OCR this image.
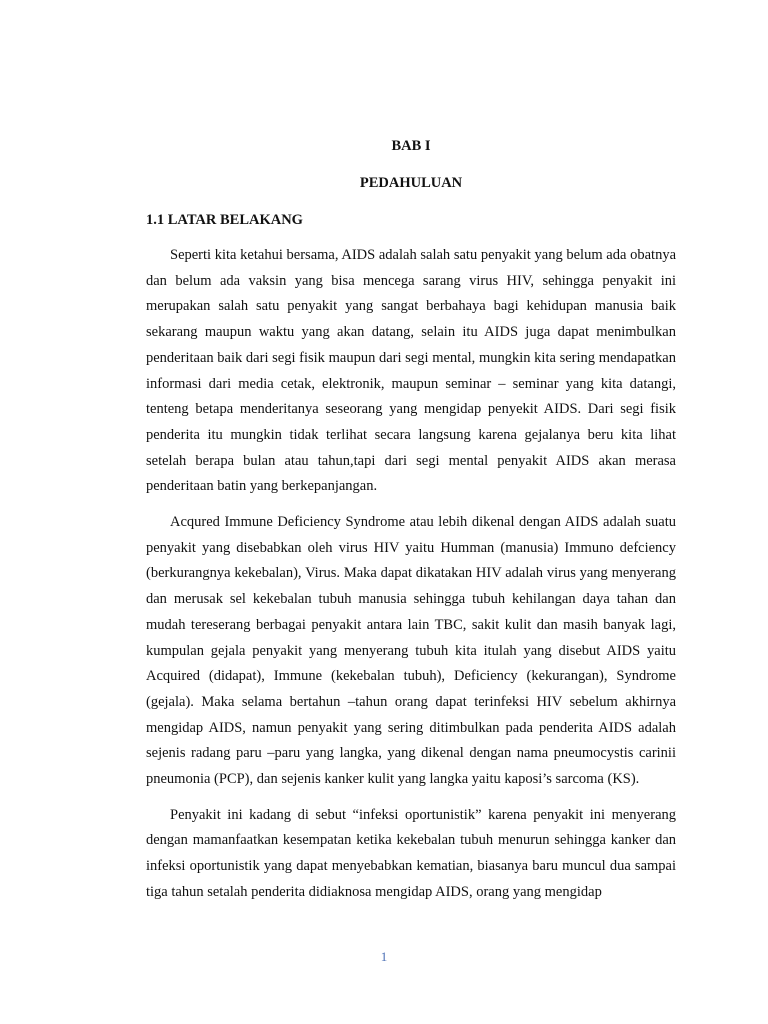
BAB I
PEDAHULUAN
1.1 LATAR BELAKANG

Seperti kita ketahui bersama, AIDS adalah salah satu penyakit yang belum ada obatnya dan belum ada vaksin yang bisa mencega sarang virus HIV, sehingga penyakit ini merupakan salah satu penyakit yang sangat berbahaya bagi kehidupan manusia baik sekarang maupun waktu yang akan datang, selain itu AIDS juga dapat menimbulkan penderitaan baik dari segi fisik maupun dari segi mental, mungkin kita sering mendapatkan informasi dari media cetak, elektronik, maupun seminar – seminar yang kita datangi, tenteng betapa menderitanya seseorang yang mengidap penyekit AIDS. Dari segi fisik penderita itu mungkin tidak terlihat secara langsung karena gejalanya beru kita lihat setelah berapa bulan atau tahun,tapi dari segi mental penyakit AIDS akan merasa penderitaan batin yang berkepanjangan.

Acqured Immune Deficiency Syndrome atau lebih dikenal dengan AIDS adalah suatu penyakit yang disebabkan oleh virus HIV yaitu Humman (manusia) Immuno defciency (berkurangnya kekebalan), Virus. Maka dapat dikatakan HIV adalah virus yang menyerang dan merusak sel kekebalan tubuh manusia sehingga tubuh kehilangan daya tahan dan mudah tereserang berbagai penyakit antara lain TBC, sakit kulit dan masih banyak lagi, kumpulan gejala penyakit yang menyerang tubuh kita itulah yang disebut AIDS yaitu Acquired (didapat), Immune (kekebalan tubuh), Deficiency (kekurangan), Syndrome (gejala). Maka selama bertahun –tahun orang dapat terinfeksi HIV sebelum akhirnya mengidap AIDS, namun penyakit yang sering ditimbulkan pada penderita AIDS adalah sejenis radang paru –paru yang langka, yang dikenal dengan nama pneumocystis carinii pneumonia (PCP), dan sejenis kanker kulit yang langka yaitu kaposi’s sarcoma (KS).

Penyakit ini kadang di sebut “infeksi oportunistik” karena penyakit ini menyerang dengan mamanfaatkan kesempatan ketika kekebalan tubuh menurun sehingga kanker dan infeksi oportunistik yang dapat menyebabkan kematian, biasanya baru muncul dua sampai tiga tahun setalah penderita didiaknosa mengidap AIDS, orang yang mengidap

1
